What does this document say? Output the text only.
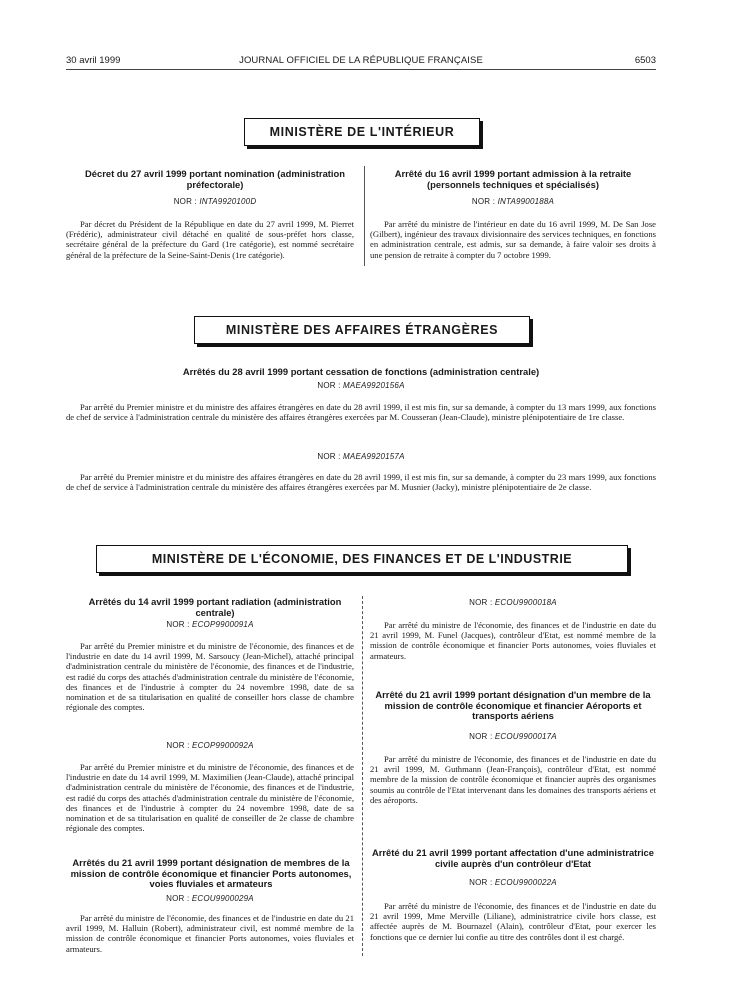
30 avril 1999	JOURNAL OFFICIEL DE LA RÉPUBLIQUE FRANÇAISE	6503
MINISTÈRE DE L'INTÉRIEUR
Décret du 27 avril 1999 portant nomination (administration préfectorale)
NOR : INTA9920100D

Par décret du Président de la République en date du 27 avril 1999, M. Pierret (Frédéric), administrateur civil détaché en qualité de sous-préfet hors classe, secrétaire général de la préfecture du Gard (1re catégorie), est nommé secrétaire général de la préfecture de la Seine-Saint-Denis (1re catégorie).

Arrêté du 16 avril 1999 portant admission à la retraite (personnels techniques et spécialisés)
NOR : INTA9900188A

Par arrêté du ministre de l'intérieur en date du 16 avril 1999, M. De San Jose (Gilbert), ingénieur des travaux divisionnaire des services techniques, en fonctions en administration centrale, est admis, sur sa demande, à faire valoir ses droits à une pension de retraite à compter du 7 octobre 1999.

MINISTÈRE DES AFFAIRES ÉTRANGÈRES
Arrêtés du 28 avril 1999 portant cessation de fonctions (administration centrale)
NOR : MAEA9920156A

Par arrêté du Premier ministre et du ministre des affaires étrangères en date du 28 avril 1999, il est mis fin, sur sa demande, à compter du 13 mars 1999, aux fonctions de chef de service à l'administration centrale du ministère des affaires étrangères exercées par M. Cousseran (Jean-Claude), ministre plénipotentiaire de 1re classe.

NOR : MAEA9920157A

Par arrêté du Premier ministre et du ministre des affaires étrangères en date du 28 avril 1999, il est mis fin, sur sa demande, à compter du 23 mars 1999, aux fonctions de chef de service à l'administration centrale du ministère des affaires étrangères exercées par M. Musnier (Jacky), ministre plénipotentiaire de 2e classe.

MINISTÈRE DE L'ÉCONOMIE, DES FINANCES ET DE L'INDUSTRIE
Arrêtés du 14 avril 1999 portant radiation (administration centrale)
NOR : ECOP9900091A

Par arrêté du Premier ministre et du ministre de l'économie, des finances et de l'industrie en date du 14 avril 1999, M. Sarsoucy (Jean-Michel), attaché principal d'administration centrale du ministère de l'économie, des finances et de l'industrie, est radié du corps des attachés d'administration centrale du ministère de l'économie, des finances et de l'industrie à compter du 24 novembre 1998, date de sa nomination et de sa titularisation en qualité de conseiller hors classe de chambre régionale des comptes.

NOR : ECOP9900092A

Par arrêté du Premier ministre et du ministre de l'économie, des finances et de l'industrie en date du 14 avril 1999, M. Maximilien (Jean-Claude), attaché principal d'administration centrale du ministère de l'économie, des finances et de l'industrie, est radié du corps des attachés d'administration centrale du ministère de l'économie, des finances et de l'industrie à compter du 24 novembre 1998, date de sa nomination et de sa titularisation en qualité de conseiller de 2e classe de chambre régionale des comptes.

Arrêtés du 21 avril 1999 portant désignation de membres de la mission de contrôle économique et financier Ports autonomes, voies fluviales et armateurs
NOR : ECOU9900029A

Par arrêté du ministre de l'économie, des finances et de l'industrie en date du 21 avril 1999, M. Halluin (Robert), administrateur civil, est nommé membre de la mission de contrôle économique et financier Ports autonomes, voies fluviales et armateurs.

NOR : ECOU9900018A

Par arrêté du ministre de l'économie, des finances et de l'industrie en date du 21 avril 1999, M. Funel (Jacques), contrôleur d'Etat, est nommé membre de la mission de contrôle économique et financier Ports autonomes, voies fluviales et armateurs.

Arrêté du 21 avril 1999 portant désignation d'un membre de la mission de contrôle économique et financier Aéroports et transports aériens
NOR : ECOU9900017A

Par arrêté du ministre de l'économie, des finances et de l'industrie en date du 21 avril 1999, M. Guthmann (Jean-François), contrôleur d'Etat, est nommé membre de la mission de contrôle économique et financier auprès des organismes soumis au contrôle de l'Etat intervenant dans les domaines des transports aériens et des aéroports.

Arrêté du 21 avril 1999 portant affectation d'une administratrice civile auprès d'un contrôleur d'Etat
NOR : ECOU9900022A

Par arrêté du ministre de l'économie, des finances et de l'industrie en date du 21 avril 1999, Mme Merville (Liliane), administratrice civile hors classe, est affectée auprès de M. Bournazel (Alain), contrôleur d'Etat, pour exercer les fonctions que ce dernier lui confie au titre des contrôles dont il est chargé.
